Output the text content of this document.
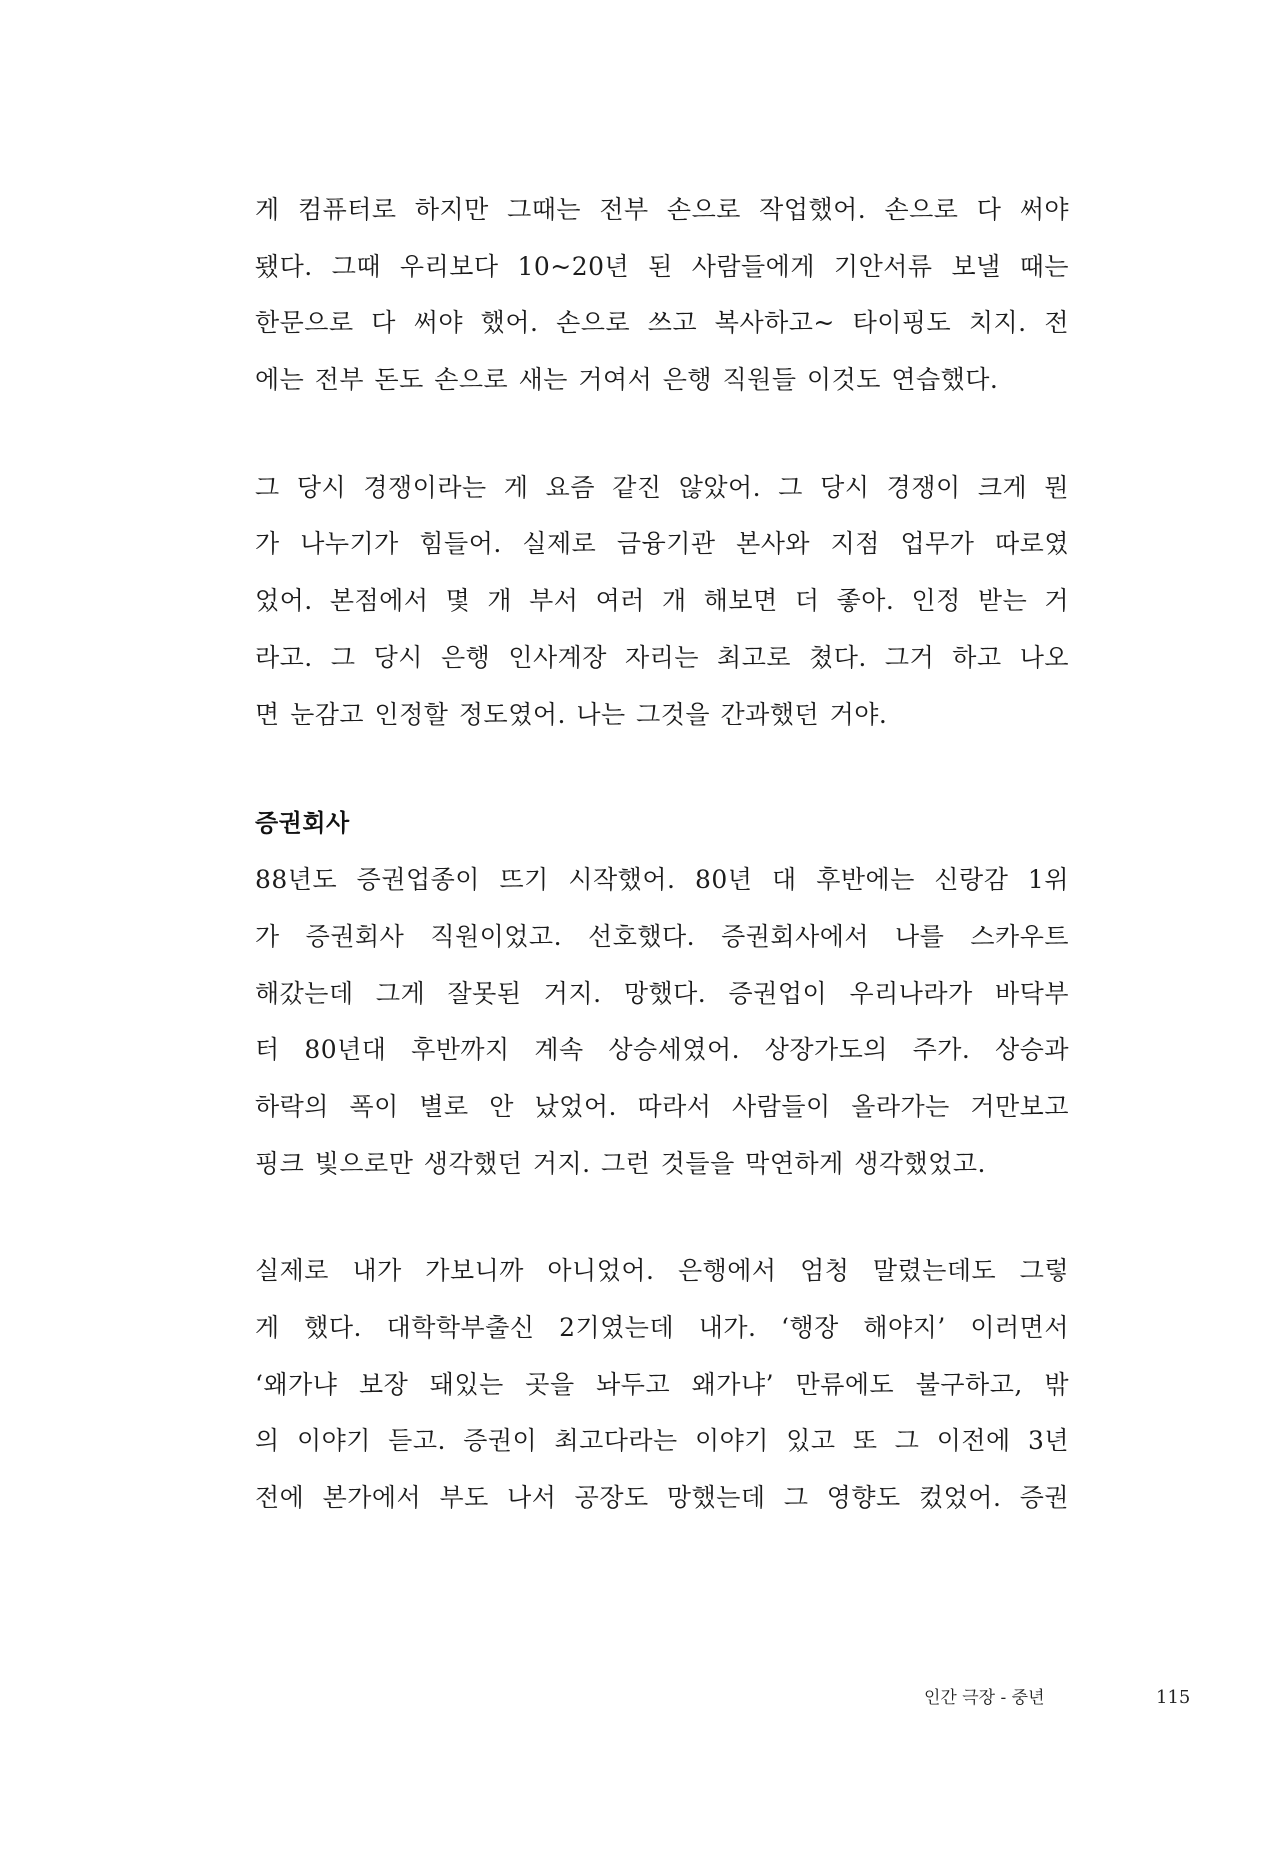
게 컴퓨터로 하지만 그때는 전부 손으로 작업했어. 손으로 다 써야
됐다. 그때 우리보다 10~20년 된 사람들에게 기안서류 보낼 때는
한문으로 다 써야 했어. 손으로 쓰고 복사하고~ 타이핑도 치지. 전
에는 전부 돈도 손으로 새는 거여서 은행 직원들 이것도 연습했다.

그 당시 경쟁이라는 게 요즘 같진 않았어. 그 당시 경쟁이 크게 뭔
가 나누기가 힘들어. 실제로 금융기관 본사와 지점 업무가 따로였
었어. 본점에서 몇 개 부서 여러 개 해보면 더 좋아. 인정 받는 거
라고. 그 당시 은행 인사계장 자리는 최고로 쳤다. 그거 하고 나오
면 눈감고 인정할 정도였어. 나는 그것을 간과했던 거야.

증권회사

88년도 증권업종이 뜨기 시작했어. 80년 대 후반에는 신랑감 1위
가 증권회사 직원이었고. 선호했다. 증권회사에서 나를 스카우트
해갔는데 그게 잘못된 거지. 망했다. 증권업이 우리나라가 바닥부
터 80년대 후반까지 계속 상승세였어. 상장가도의 주가. 상승과
하락의 폭이 별로 안 났었어. 따라서 사람들이 올라가는 거만보고
핑크 빛으로만 생각했던 거지. 그런 것들을 막연하게 생각했었고.

실제로 내가 가보니까 아니었어. 은행에서 엄청 말렸는데도 그렇
게 했다. 대학학부출신 2기였는데 내가. ‘행장 해야지’ 이러면서
‘왜가냐 보장 돼있는 곳을 놔두고 왜가냐’ 만류에도 불구하고, 밖
의 이야기 듣고. 증권이 최고다라는 이야기 있고 또 그 이전에 3년
전에 본가에서 부도 나서 공장도 망했는데 그 영향도 컸었어. 증권

인간 극장 - 중년	115
